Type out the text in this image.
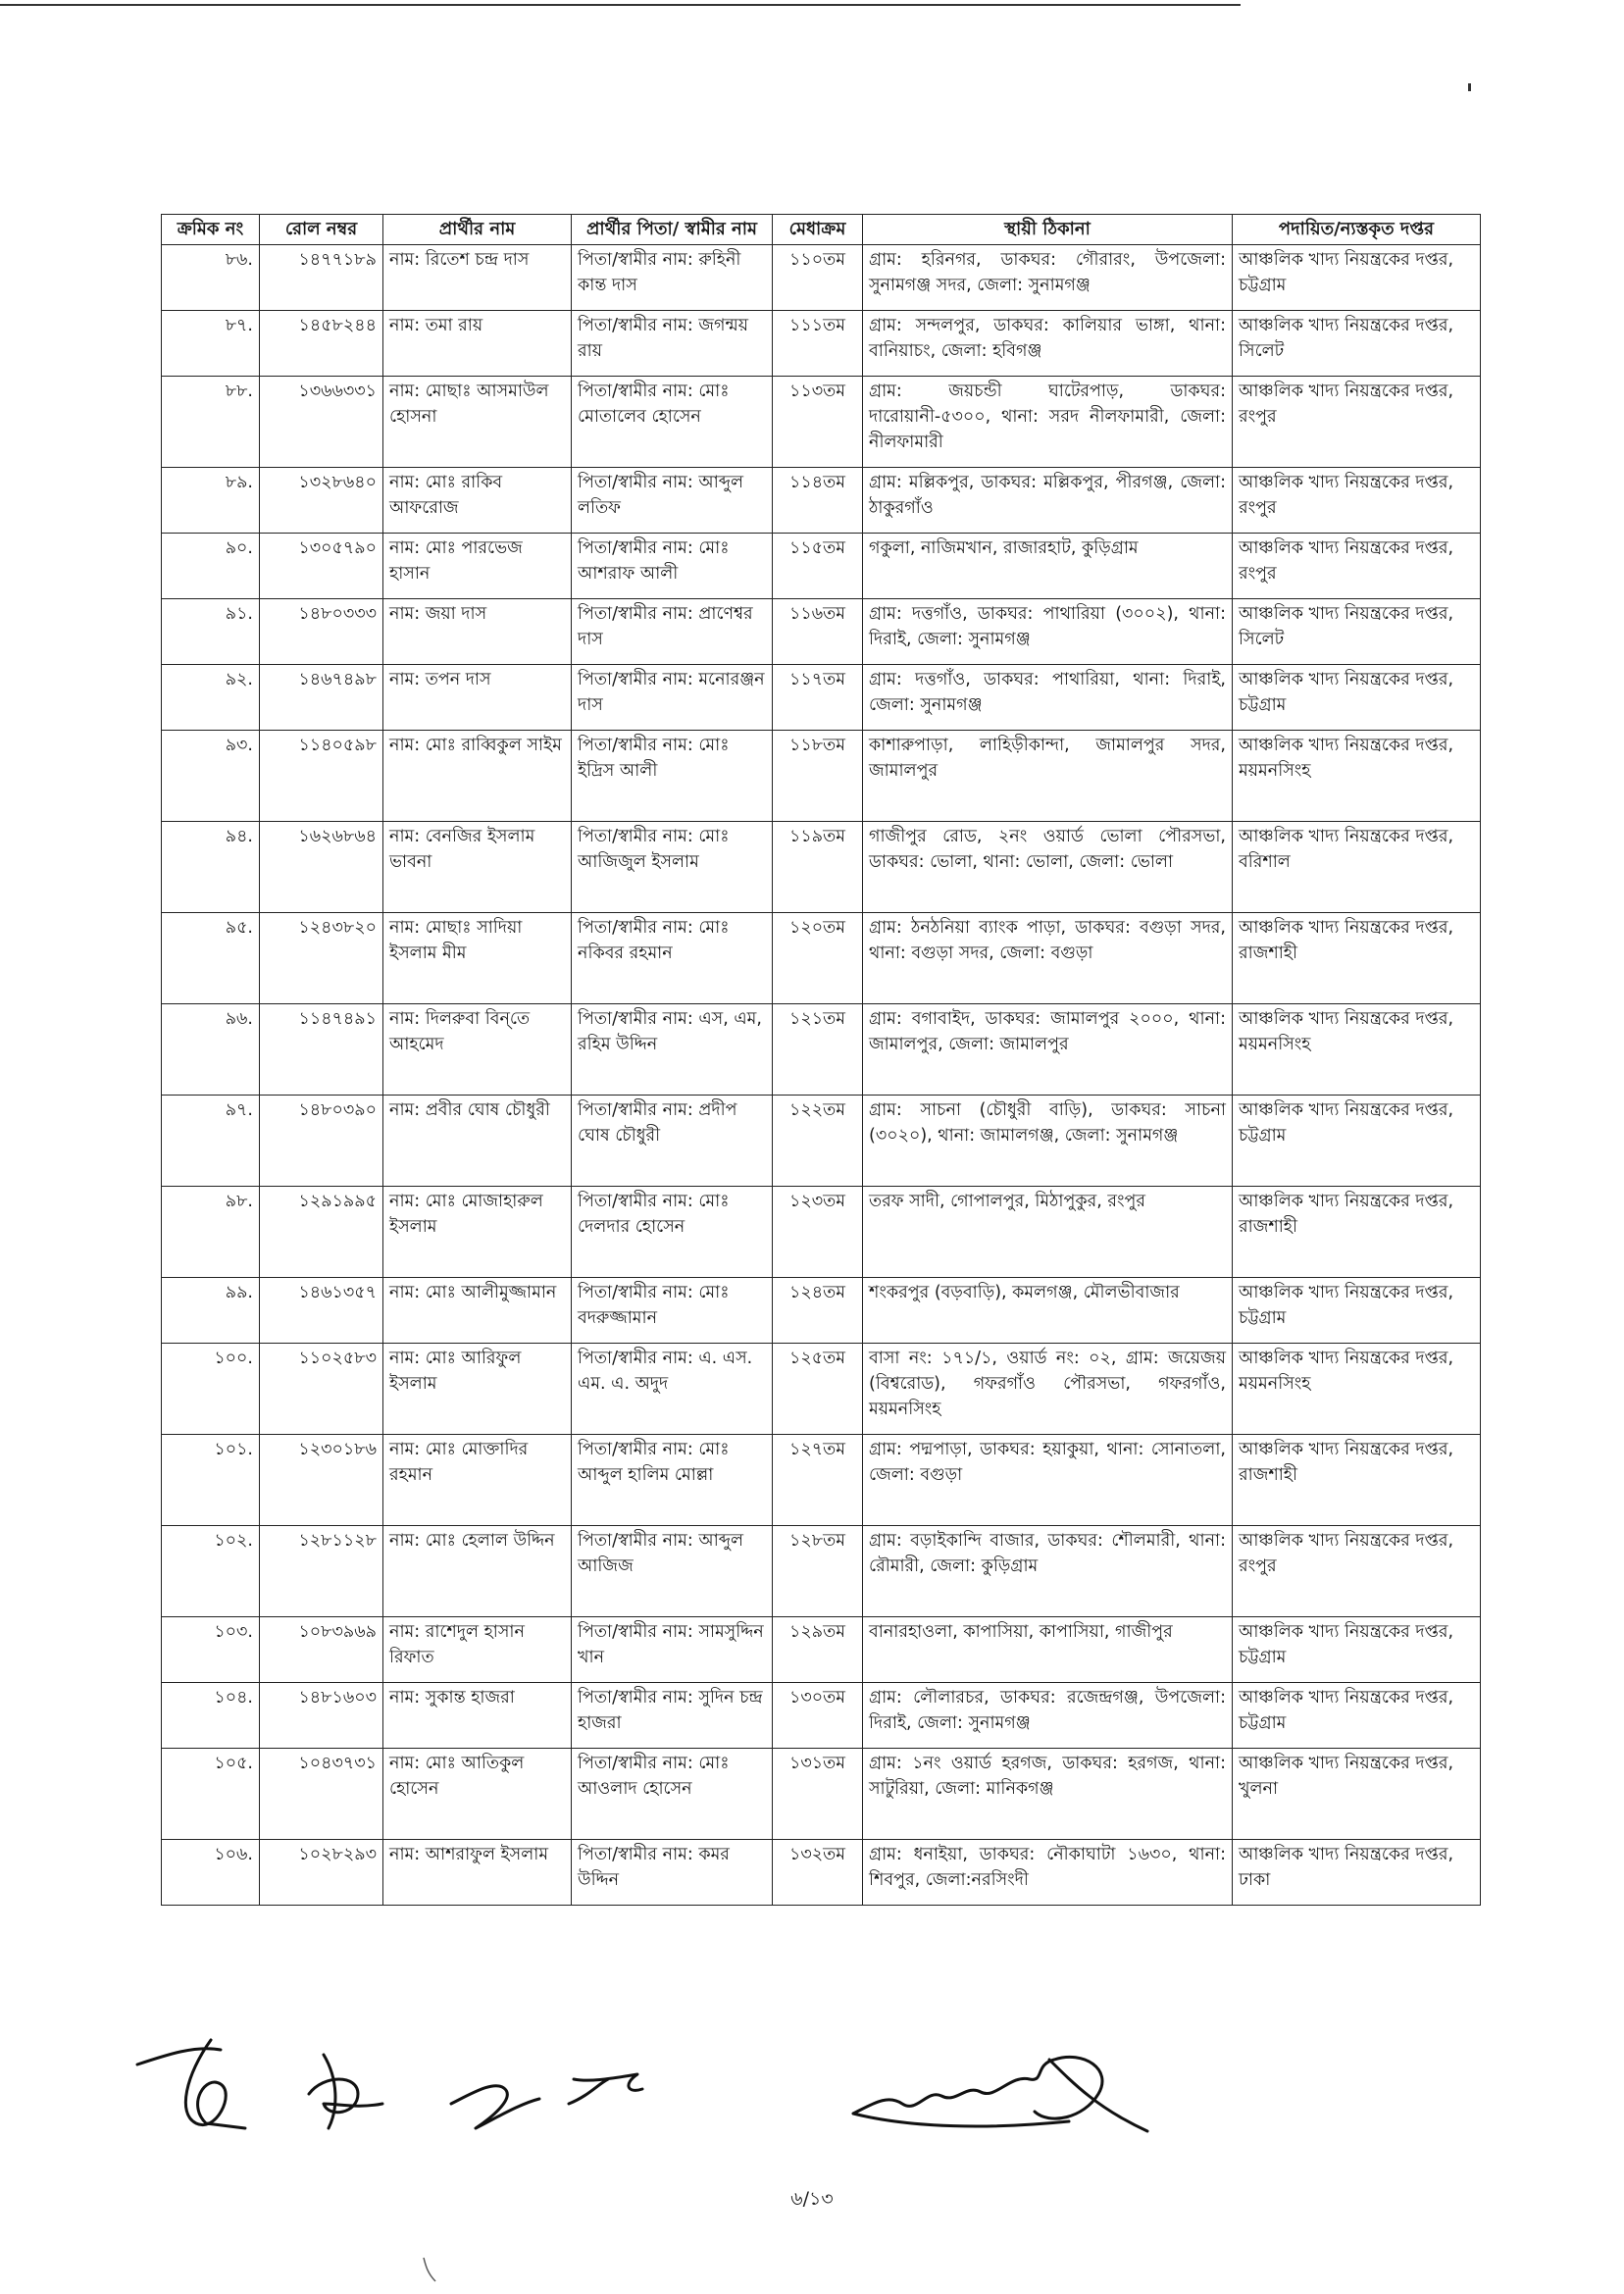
ক্রমিক নং	রোল নম্বর	প্রার্থীর নাম	প্রার্থীর পিতা/ স্বামীর নাম	মেধাক্রম	স্থায়ী ঠিকানা	পদায়িত/ন্যস্তকৃত দপ্তর
৮৬.	১৪৭৭১৮৯	নাম: রিতেশ চন্দ্র দাস	পিতা/স্বামীর নাম: রুহিনী কান্ত দাস	১১০তম	গ্রাম: হরিনগর, ডাকঘর: গৌরারং, উপজেলা: সুনামগঞ্জ সদর, জেলা: সুনামগঞ্জ	আঞ্চলিক খাদ্য নিয়ন্ত্রকের দপ্তর, চট্টগ্রাম
৮৭.	১৪৫৮২৪৪	নাম: তমা রায়	পিতা/স্বামীর নাম: জগন্ময় রায়	১১১তম	গ্রাম: সন্দলপুর, ডাকঘর: কালিয়ার ভাঙ্গা, থানা: বানিয়াচং, জেলা: হবিগঞ্জ	আঞ্চলিক খাদ্য নিয়ন্ত্রকের দপ্তর, সিলেট
৮৮.	১৩৬৬৩৩১	নাম: মোছাঃ আসমাউল হোসনা	পিতা/স্বামীর নাম: মোঃ মোতালেব হোসেন	১১৩তম	গ্রাম: জয়চন্ডী ঘাটেরপাড়, ডাকঘর: দারোয়ানী-৫৩০০, থানা: সরদ নীলফামারী, জেলা: নীলফামারী	আঞ্চলিক খাদ্য নিয়ন্ত্রকের দপ্তর, রংপুর
৮৯.	১৩২৮৬৪০	নাম: মোঃ রাকিব আফরোজ	পিতা/স্বামীর নাম: আব্দুল লতিফ	১১৪তম	গ্রাম: মল্লিকপুর, ডাকঘর: মল্লিকপুর, পীরগঞ্জ, জেলা: ঠাকুরগাঁও	আঞ্চলিক খাদ্য নিয়ন্ত্রকের দপ্তর, রংপুর
৯০.	১৩০৫৭৯০	নাম: মোঃ পারভেজ হাসান	পিতা/স্বামীর নাম: মোঃ আশরাফ আলী	১১৫তম	গকুলা, নাজিমখান, রাজারহাট, কুড়িগ্রাম	আঞ্চলিক খাদ্য নিয়ন্ত্রকের দপ্তর, রংপুর
৯১.	১৪৮০৩৩৩	নাম: জয়া দাস	পিতা/স্বামীর নাম: প্রাণেশ্বর দাস	১১৬তম	গ্রাম: দত্তগাঁও, ডাকঘর: পাথারিয়া (৩০০২), থানা: দিরাই, জেলা: সুনামগঞ্জ	আঞ্চলিক খাদ্য নিয়ন্ত্রকের দপ্তর, সিলেট
৯২.	১৪৬৭৪৯৮	নাম: তপন দাস	পিতা/স্বামীর নাম: মনোরঞ্জন দাস	১১৭তম	গ্রাম: দত্তগাঁও, ডাকঘর: পাথারিয়া, থানা: দিরাই, জেলা: সুনামগঞ্জ	আঞ্চলিক খাদ্য নিয়ন্ত্রকের দপ্তর, চট্টগ্রাম
৯৩.	১১৪০৫৯৮	নাম: মোঃ রাব্বিকুল সাইম	পিতা/স্বামীর নাম: মোঃ ইদ্রিস আলী	১১৮তম	কাশারুপাড়া, লাহিড়ীকান্দা, জামালপুর সদর, জামালপুর	আঞ্চলিক খাদ্য নিয়ন্ত্রকের দপ্তর, ময়মনসিংহ
৯৪.	১৬২৬৮৬৪	নাম: বেনজির ইসলাম ভাবনা	পিতা/স্বামীর নাম: মোঃ আজিজুল ইসলাম	১১৯তম	গাজীপুর রোড, ২নং ওয়ার্ড ভোলা পৌরসভা, ডাকঘর: ভোলা, থানা: ভোলা, জেলা: ভোলা	আঞ্চলিক খাদ্য নিয়ন্ত্রকের দপ্তর, বরিশাল
৯৫.	১২৪৩৮২০	নাম: মোছাঃ সাদিয়া ইসলাম মীম	পিতা/স্বামীর নাম: মোঃ নকিবর রহমান	১২০তম	গ্রাম: ঠনঠনিয়া ব্যাংক পাড়া, ডাকঘর: বগুড়া সদর, থানা: বগুড়া সদর, জেলা: বগুড়া	আঞ্চলিক খাদ্য নিয়ন্ত্রকের দপ্তর, রাজশাহী
৯৬.	১১৪৭৪৯১	নাম: দিলরুবা বিন্‌তে আহমেদ	পিতা/স্বামীর নাম: এস, এম, রহিম উদ্দিন	১২১তম	গ্রাম: বগাবাইদ, ডাকঘর: জামালপুর ২০০০, থানা: জামালপুর, জেলা: জামালপুর	আঞ্চলিক খাদ্য নিয়ন্ত্রকের দপ্তর, ময়মনসিংহ
৯৭.	১৪৮০৩৯০	নাম: প্রবীর ঘোষ চৌধুরী	পিতা/স্বামীর নাম: প্রদীপ ঘোষ চৌধুরী	১২২তম	গ্রাম: সাচনা (চৌধুরী বাড়ি), ডাকঘর: সাচনা (৩০২০), থানা: জামালগঞ্জ, জেলা: সুনামগঞ্জ	আঞ্চলিক খাদ্য নিয়ন্ত্রকের দপ্তর, চট্টগ্রাম
৯৮.	১২৯১৯৯৫	নাম: মোঃ মোজাহারুল ইসলাম	পিতা/স্বামীর নাম: মোঃ দেলদার হোসেন	১২৩তম	তরফ সাদী, গোপালপুর, মিঠাপুকুর, রংপুর	আঞ্চলিক খাদ্য নিয়ন্ত্রকের দপ্তর, রাজশাহী
৯৯.	১৪৬১৩৫৭	নাম: মোঃ আলীমুজ্জামান	পিতা/স্বামীর নাম: মোঃ বদরুজ্জামান	১২৪তম	শংকরপুর (বড়বাড়ি), কমলগঞ্জ, মৌলভীবাজার	আঞ্চলিক খাদ্য নিয়ন্ত্রকের দপ্তর, চট্টগ্রাম
১০০.	১১০২৫৮৩	নাম: মোঃ আরিফুল ইসলাম	পিতা/স্বামীর নাম: এ. এস. এম. এ. অদুদ	১২৫তম	বাসা নং: ১৭১/১, ওয়ার্ড নং: ০২, গ্রাম: জয়েজয় (বিশ্বরোড), গফরগাঁও পৌরসভা, গফরগাঁও, ময়মনসিংহ	আঞ্চলিক খাদ্য নিয়ন্ত্রকের দপ্তর, ময়মনসিংহ
১০১.	১২৩০১৮৬	নাম: মোঃ মোক্তাদির রহমান	পিতা/স্বামীর নাম: মোঃ আব্দুল হালিম মোল্লা	১২৭তম	গ্রাম: পদ্মপাড়া, ডাকঘর: হয়াকুয়া, থানা: সোনাতলা, জেলা: বগুড়া	আঞ্চলিক খাদ্য নিয়ন্ত্রকের দপ্তর, রাজশাহী
১০২.	১২৮১১২৮	নাম: মোঃ হেলাল উদ্দিন	পিতা/স্বামীর নাম: আব্দুল আজিজ	১২৮তম	গ্রাম: বড়াইকান্দি বাজার, ডাকঘর: শৌলমারী, থানা: রৌমারী, জেলা: কুড়িগ্রাম	আঞ্চলিক খাদ্য নিয়ন্ত্রকের দপ্তর, রংপুর
১০৩.	১০৮৩৯৬৯	নাম: রাশেদুল হাসান রিফাত	পিতা/স্বামীর নাম: সামসুদ্দিন খান	১২৯তম	বানারহাওলা, কাপাসিয়া, কাপাসিয়া, গাজীপুর	আঞ্চলিক খাদ্য নিয়ন্ত্রকের দপ্তর, চট্টগ্রাম
১০৪.	১৪৮১৬০৩	নাম: সুকান্ত হাজরা	পিতা/স্বামীর নাম: সুদিন চন্দ্র হাজরা	১৩০তম	গ্রাম: লৌলারচর, ডাকঘর: রজেন্দ্রগঞ্জ, উপজেলা: দিরাই, জেলা: সুনামগঞ্জ	আঞ্চলিক খাদ্য নিয়ন্ত্রকের দপ্তর, চট্টগ্রাম
১০৫.	১০৪৩৭৩১	নাম: মোঃ আতিকুল হোসেন	পিতা/স্বামীর নাম: মোঃ আওলাদ হোসেন	১৩১তম	গ্রাম: ১নং ওয়ার্ড হরগজ, ডাকঘর: হরগজ, থানা: সাটুরিয়া, জেলা: মানিকগঞ্জ	আঞ্চলিক খাদ্য নিয়ন্ত্রকের দপ্তর, খুলনা
১০৬.	১০২৮২৯৩	নাম: আশরাফুল ইসলাম	পিতা/স্বামীর নাম: কমর উদ্দিন	১৩২তম	গ্রাম: ধনাইয়া, ডাকঘর: নৌকাঘাটা ১৬৩০, থানা: শিবপুর, জেলা:নরসিংদী	আঞ্চলিক খাদ্য নিয়ন্ত্রকের দপ্তর, ঢাকা
৬/১৩
